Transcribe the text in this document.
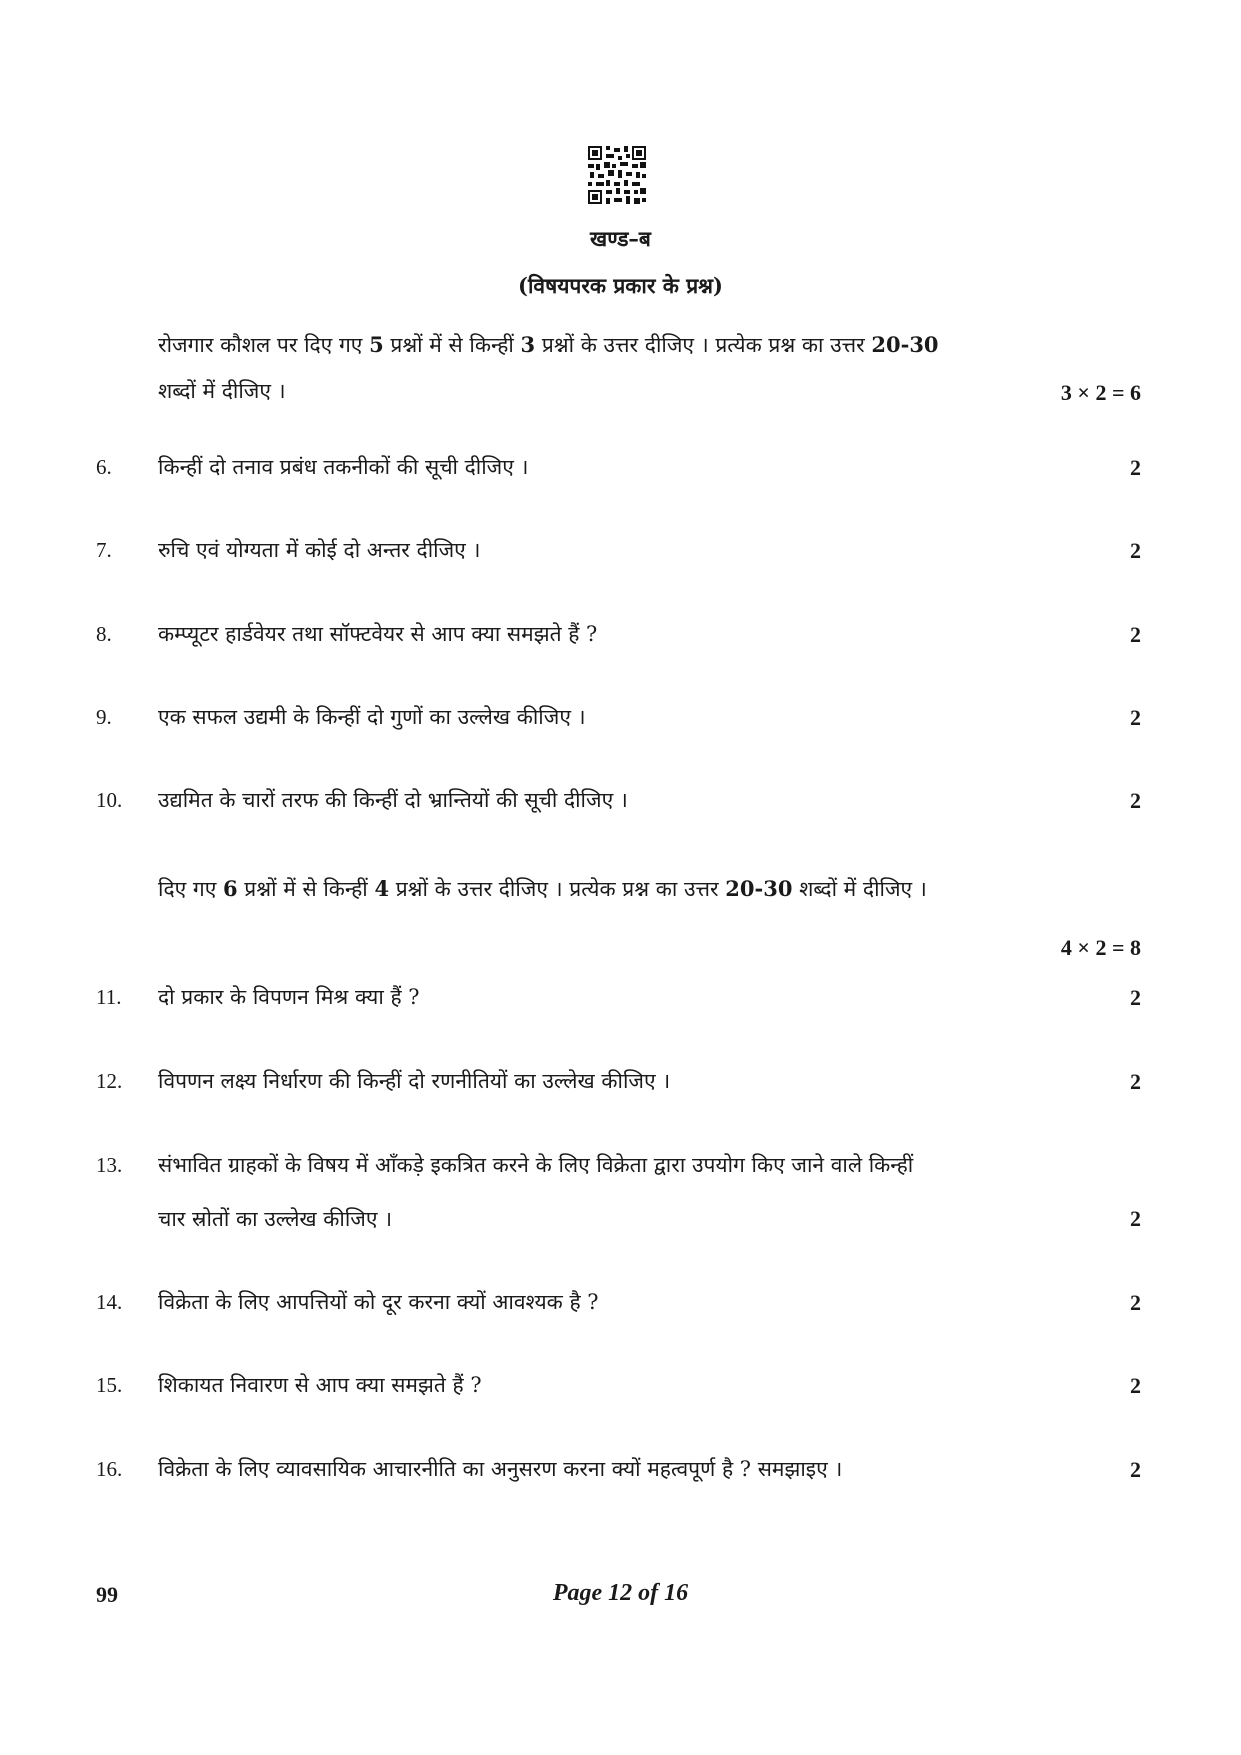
खण्ड–ब
(विषयपरक प्रकार के प्रश्न)
रोजगार कौशल पर दिए गए 5 प्रश्नों में से किन्हीं 3 प्रश्नों के उत्तर दीजिए । प्रत्येक प्रश्न का उत्तर 20-30
शब्दों में दीजिए ।	3 × 2 = 6
6.	किन्हीं दो तनाव प्रबंध तकनीकों की सूची दीजिए ।	2
7.	रुचि एवं योग्यता में कोई दो अन्तर दीजिए ।	2
8.	कम्प्यूटर हार्डवेयर तथा सॉफ्टवेयर से आप क्या समझते हैं ?	2
9.	एक सफल उद्यमी के किन्हीं दो गुणों का उल्लेख कीजिए ।	2
10.	उद्यमित के चारों तरफ की किन्हीं दो भ्रान्तियों की सूची दीजिए ।	2
दिए गए 6 प्रश्नों में से किन्हीं 4 प्रश्नों के उत्तर दीजिए । प्रत्येक प्रश्न का उत्तर 20-30 शब्दों में दीजिए ।
4 × 2 = 8
11.	दो प्रकार के विपणन मिश्र क्या हैं ?	2
12.	विपणन लक्ष्य निर्धारण की किन्हीं दो रणनीतियों का उल्लेख कीजिए ।	2
13.	संभावित ग्राहकों के विषय में आँकड़े इकत्रित करने के लिए विक्रेता द्वारा उपयोग किए जाने वाले किन्हीं
चार स्रोतों का उल्लेख कीजिए ।	2
14.	विक्रेता के लिए आपत्तियों को दूर करना क्यों आवश्यक है ?	2
15.	शिकायत निवारण से आप क्या समझते हैं ?	2
16.	विक्रेता के लिए व्यावसायिक आचारनीति का अनुसरण करना क्यों महत्वपूर्ण है ? समझाइए ।	2
99	Page 12 of 16
